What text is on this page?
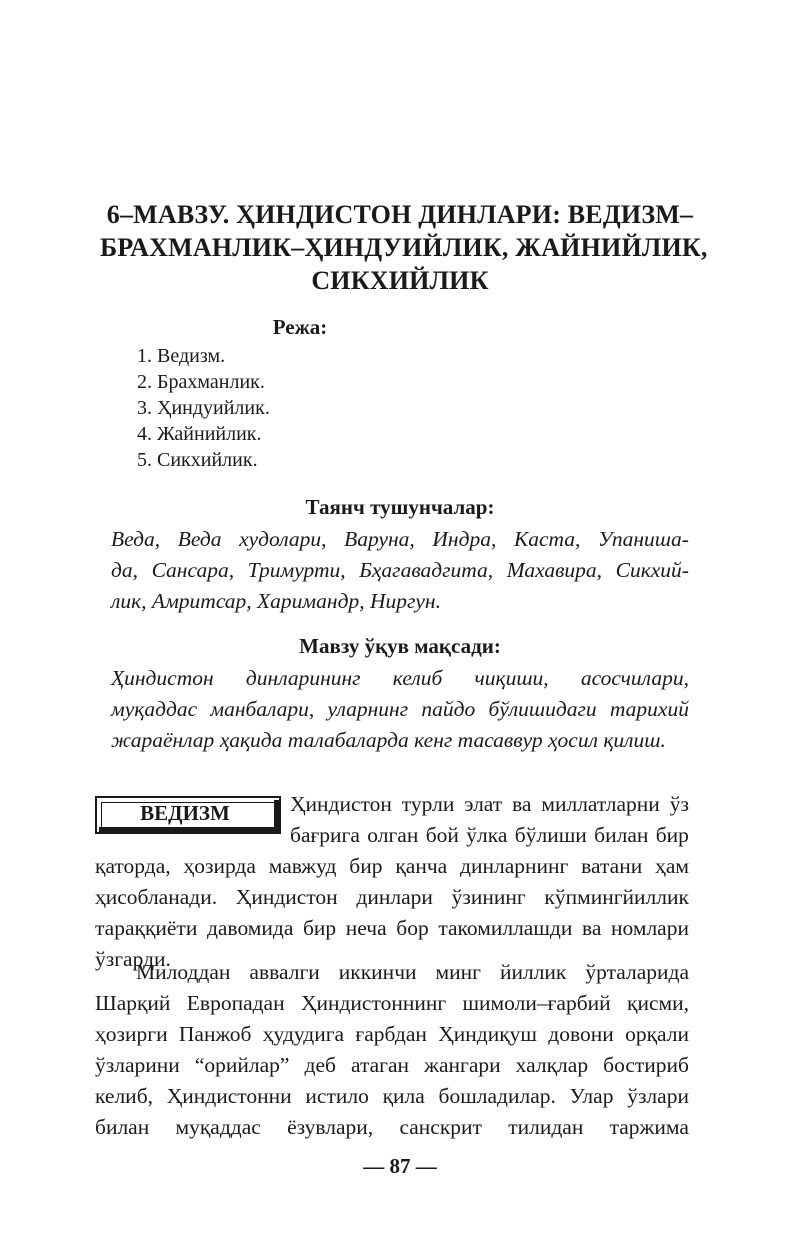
6–МАВЗУ. ҲИНДИСТОН ДИНЛАРИ: ВЕДИЗМ–
БРАХМАНЛИК–ҲИНДУИЙЛИК, ЖАЙНИЙЛИК,
СИКХИЙЛИК
Режа:
1. Ведизм.
2. Брахманлик.
3. Ҳиндуийлик.
4. Жайнийлик.
5. Сикхийлик.
Таянч тушунчалар:
Веда, Веда худолари, Варуна, Индра, Каста, Упаниша-
да, Сансара, Тримурти, Бҳагавадгита, Махавира, Сикхий-
лик, Амритсар, Харимандр, Ниргун.
Мавзу ўқув мақсади:
Ҳиндистон динларининг келиб чиқиши, асосчилари,
муқаддас манбалари, уларнинг пайдо бўлишидаги тарихий
жараёнлар ҳақида талабаларда кенг тасаввур ҳосил қилиш.
ВЕДИЗМ	Ҳиндистон турли элат ва миллатларни ўз
бағрига олган бой ўлка бўлиши билан бир
қаторда, ҳозирда мавжуд бир қанча динларнинг ватани ҳам
ҳисобланади. Ҳиндистон динлари ўзининг кўпмингйиллик
тараққиёти давомида бир неча бор такомиллашди ва номлари
ўзгарди.
Милоддан аввалги иккинчи минг йиллик ўрталарида
Шарқий Европадан Ҳиндистоннинг шимоли–ғарбий қисми,
ҳозирги Панжоб ҳудудига ғарбдан Ҳиндиқуш довони орқали
ўзларини “орийлар” деб атаган жангари халқлар бостириб
келиб, Ҳиндистонни истило қила бошладилар. Улар ўзлари
билан муқаддас ёзувлари, санскрит тилидан таржима
— 87 —
